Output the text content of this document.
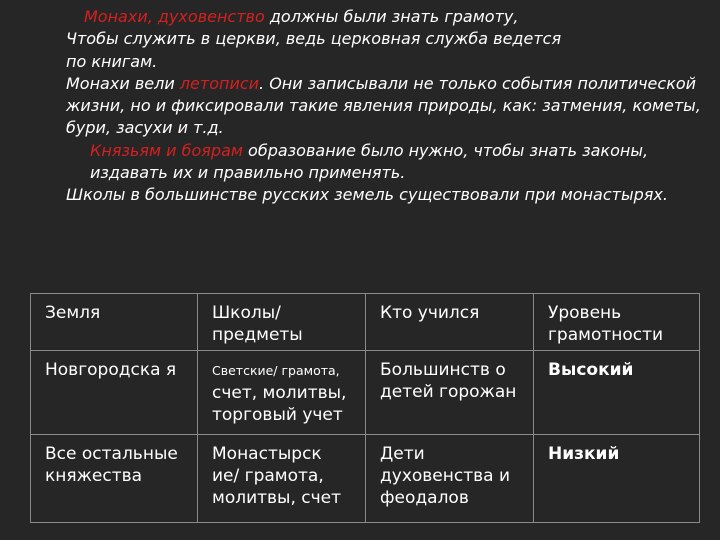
Монахи, духовенство должны были знать грамоту,

Чтобы служить в церкви, ведь церковная служба ведется

по книгам.

Монахи вели летописи. Они записывали не только события политической жизни, но и фиксировали такие явления природы, как: затмения, кометы, бури, засухи и т.д.

Князьям и боярам образование было нужно, чтобы знать законы, издавать их и правильно применять.

Школы в большинстве русских земель существовали при монастырях.

Земля	Школы/ предметы	Кто учился	Уровень грамотности
Новгородска я	Светские/ грамота, счет, молитвы, торговый учет	Большинств о детей горожан	Высокий
Все остальные княжества	Монастырск ие/ грамота, молитвы, счет	Дети духовенства и феодалов	Низкий
